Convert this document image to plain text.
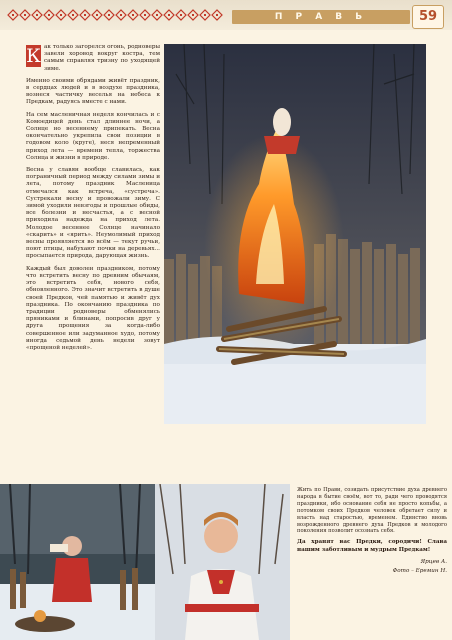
П Р А В Ь	59

К ак только загорелся огонь, родноверы завели хоровод вокруг костра, тем самым справляя тризну по уходящей зиме.

Именно своими обрядами живёт праздник, в сердцах людей и в воздухе праздника, вознеся частичку веселья на небеса к Предкам, радуясь вместе с нами.

На сем масленичная неделя кончилась и с Комоедицей день стал длиннее ночи, а Солнце но весеннему припекать. Весна окончательно укрепила свои позиции в годовом коло (круге), неся непременный приход лета — времени тепла, торжества Солнца и жизни в природе.

Весна у славян вообще славилась, как пограничный период между силами зимы и лета, потому праздник Масленица отмечался как встреча, «сустреча». Сустрекали весну и провожали зиму. С зимой уходили невзгоды и прошлые обиды, все болезни и несчастья, а с весной приходила надежда на приход лета. Молодое весеннее Солнце начинало «скарить» и «ярить». Неумолимый приход весны проявляется во всём — текут ручьи, поют птицы, набухают почки на деревьях... просыпается природа, дарующая жизнь.

Каждый был доволен праздником, потому что встретить весну по древним обычаям, это встретить себя, нового себя, обновленного. Это значит встретить в душе своей Предков, чей памятью и живёт дух праздника. По окончанию праздника по традиции родноверы обменялись пряниками и блинами, попросив друг у друга прощения за когда-либо совершенное или задуманное худо, потому иногда седьмой день недели зовут «прощеной неделей».

Жить по Прави, созидать присутствие духа древнего народа в бытие своём, вот то, ради чего проводятся праздники, ибо основание себя не просто копьбы, а потомком своих Предков человек обретает силу и власть над старостью, временем. Единство вновь возрожденного древнего духа Предков и молодого поколения позволит осознать себя.

Да хранят вас Предки, сородичи! Слава нашим заботливым и мудрым Предкам!

Ярцев А.
Фото – Еремин Н.
